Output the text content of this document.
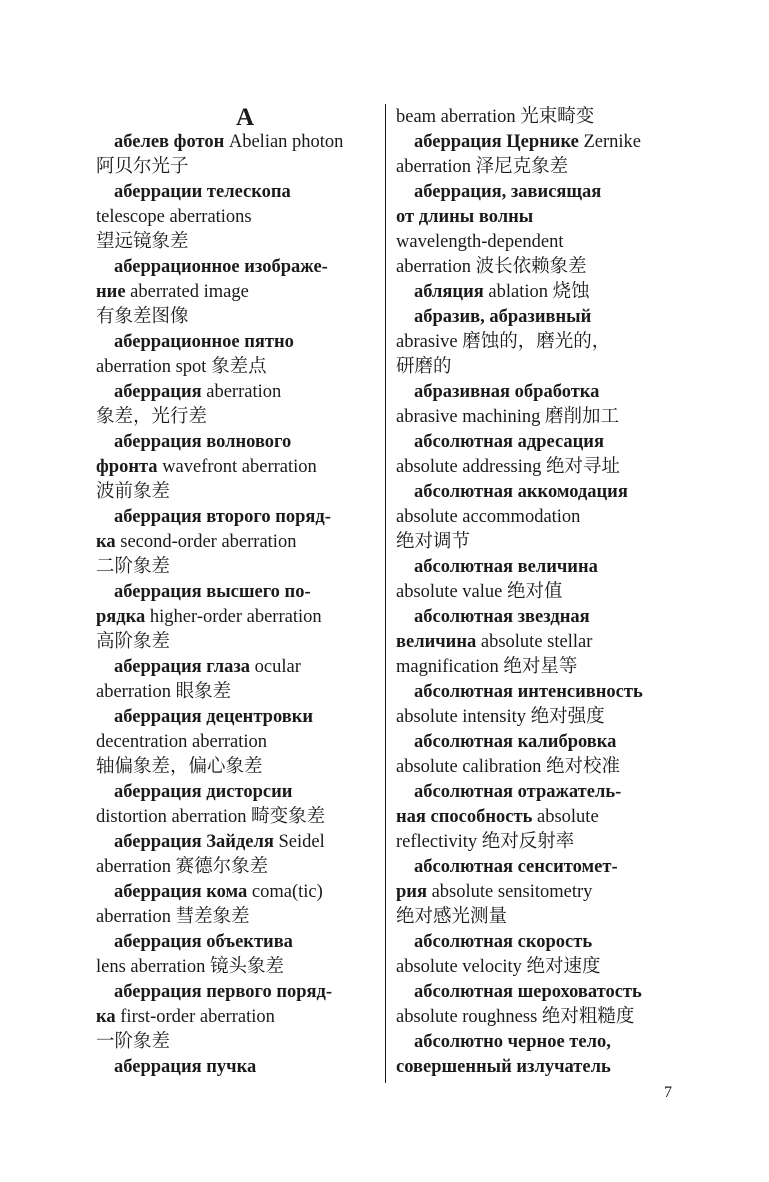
А
абелев фотон Abelian photon
阿贝尔光子
аберрации телескопа
telescope aberrations
望远镜象差
аберрационное изображе-
ние aberrated image
有象差图像
аберрационное пятно
aberration spot 象差点
аберрация aberration
象差，光行差
аберрация волнового
фронта wavefront aberration
波前象差
аберрация второго поряд-
ка second-order aberration
二阶象差
аберрация высшего по-
рядка higher-order aberration
高阶象差
аберрация глаза ocular
aberration 眼象差
аберрация децентровки
decentration aberration
轴偏象差，偏心象差
аберрация дисторсии
distortion aberration 畸变象差
аберрация Зайделя Seidel
aberration 赛德尔象差
аберрация кома coma(tic)
aberration 彗差象差
аберрация объектива
lens aberration 镜头象差
аберрация первого поряд-
ка first-order aberration
一阶象差
аберрация пучка
beam aberration 光束畸变
аберрация Цернике Zernike
aberration 泽尼克象差
аберрация, зависящая
от длины волны
wavelength-dependent
aberration 波长依赖象差
абляция ablation 烧蚀
абразив, абразивный
abrasive 磨蚀的，磨光的，
研磨的
абразивная обработка
abrasive machining 磨削加工
абсолютная адресация
absolute addressing 绝对寻址
абсолютная аккомодация
absolute accommodation
绝对调节
абсолютная величина
absolute value 绝对值
абсолютная звездная
величина absolute stellar
magnification 绝对星等
абсолютная интенсивность
absolute intensity 绝对强度
абсолютная калибровка
absolute calibration 绝对校准
абсолютная отражатель-
ная способность absolute
reflectivity 绝对反射率
абсолютная сенситомет-
рия absolute sensitometry
绝对感光测量
абсолютная скорость
absolute velocity 绝对速度
абсолютная шероховатость
absolute roughness 绝对粗糙度
абсолютно черное тело,
совершенный излучатель
7
